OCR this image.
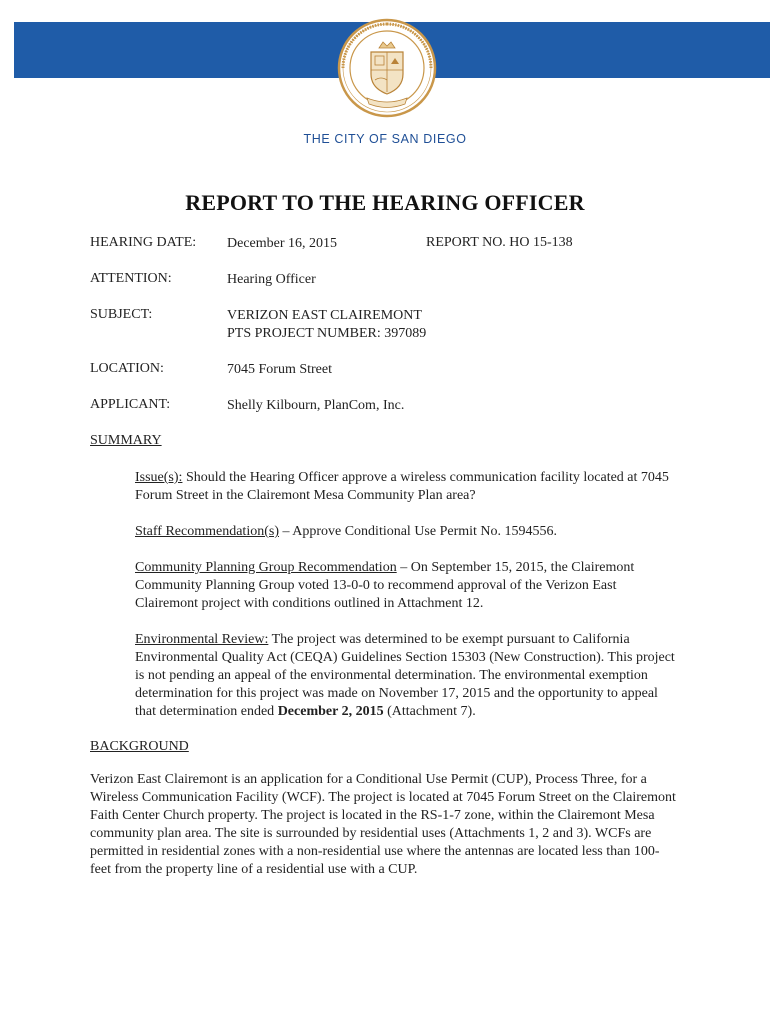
THE CITY OF SAN DIEGO
REPORT TO THE HEARING OFFICER
HEARING DATE: December 16, 2015	REPORT NO. HO 15-138
ATTENTION:	Hearing Officer
SUBJECT:	VERIZON EAST CLAIREMONT
PTS PROJECT NUMBER: 397089
LOCATION:	7045 Forum Street
APPLICANT:	Shelly Kilbourn, PlanCom, Inc.
SUMMARY
Issue(s): Should the Hearing Officer approve a wireless communication facility located at 7045 Forum Street in the Clairemont Mesa Community Plan area?
Staff Recommendation(s) – Approve Conditional Use Permit No. 1594556.
Community Planning Group Recommendation – On September 15, 2015, the Clairemont Community Planning Group voted 13-0-0 to recommend approval of the Verizon East Clairemont project with conditions outlined in Attachment 12.
Environmental Review: The project was determined to be exempt pursuant to California Environmental Quality Act (CEQA) Guidelines Section 15303 (New Construction). This project is not pending an appeal of the environmental determination. The environmental exemption determination for this project was made on November 17, 2015 and the opportunity to appeal that determination ended December 2, 2015 (Attachment 7).
BACKGROUND
Verizon East Clairemont is an application for a Conditional Use Permit (CUP), Process Three, for a Wireless Communication Facility (WCF). The project is located at 7045 Forum Street on the Clairemont Faith Center Church property. The project is located in the RS-1-7 zone, within the Clairemont Mesa community plan area. The site is surrounded by residential uses (Attachments 1, 2 and 3). WCFs are permitted in residential zones with a non-residential use where the antennas are located less than 100-feet from the property line of a residential use with a CUP.
